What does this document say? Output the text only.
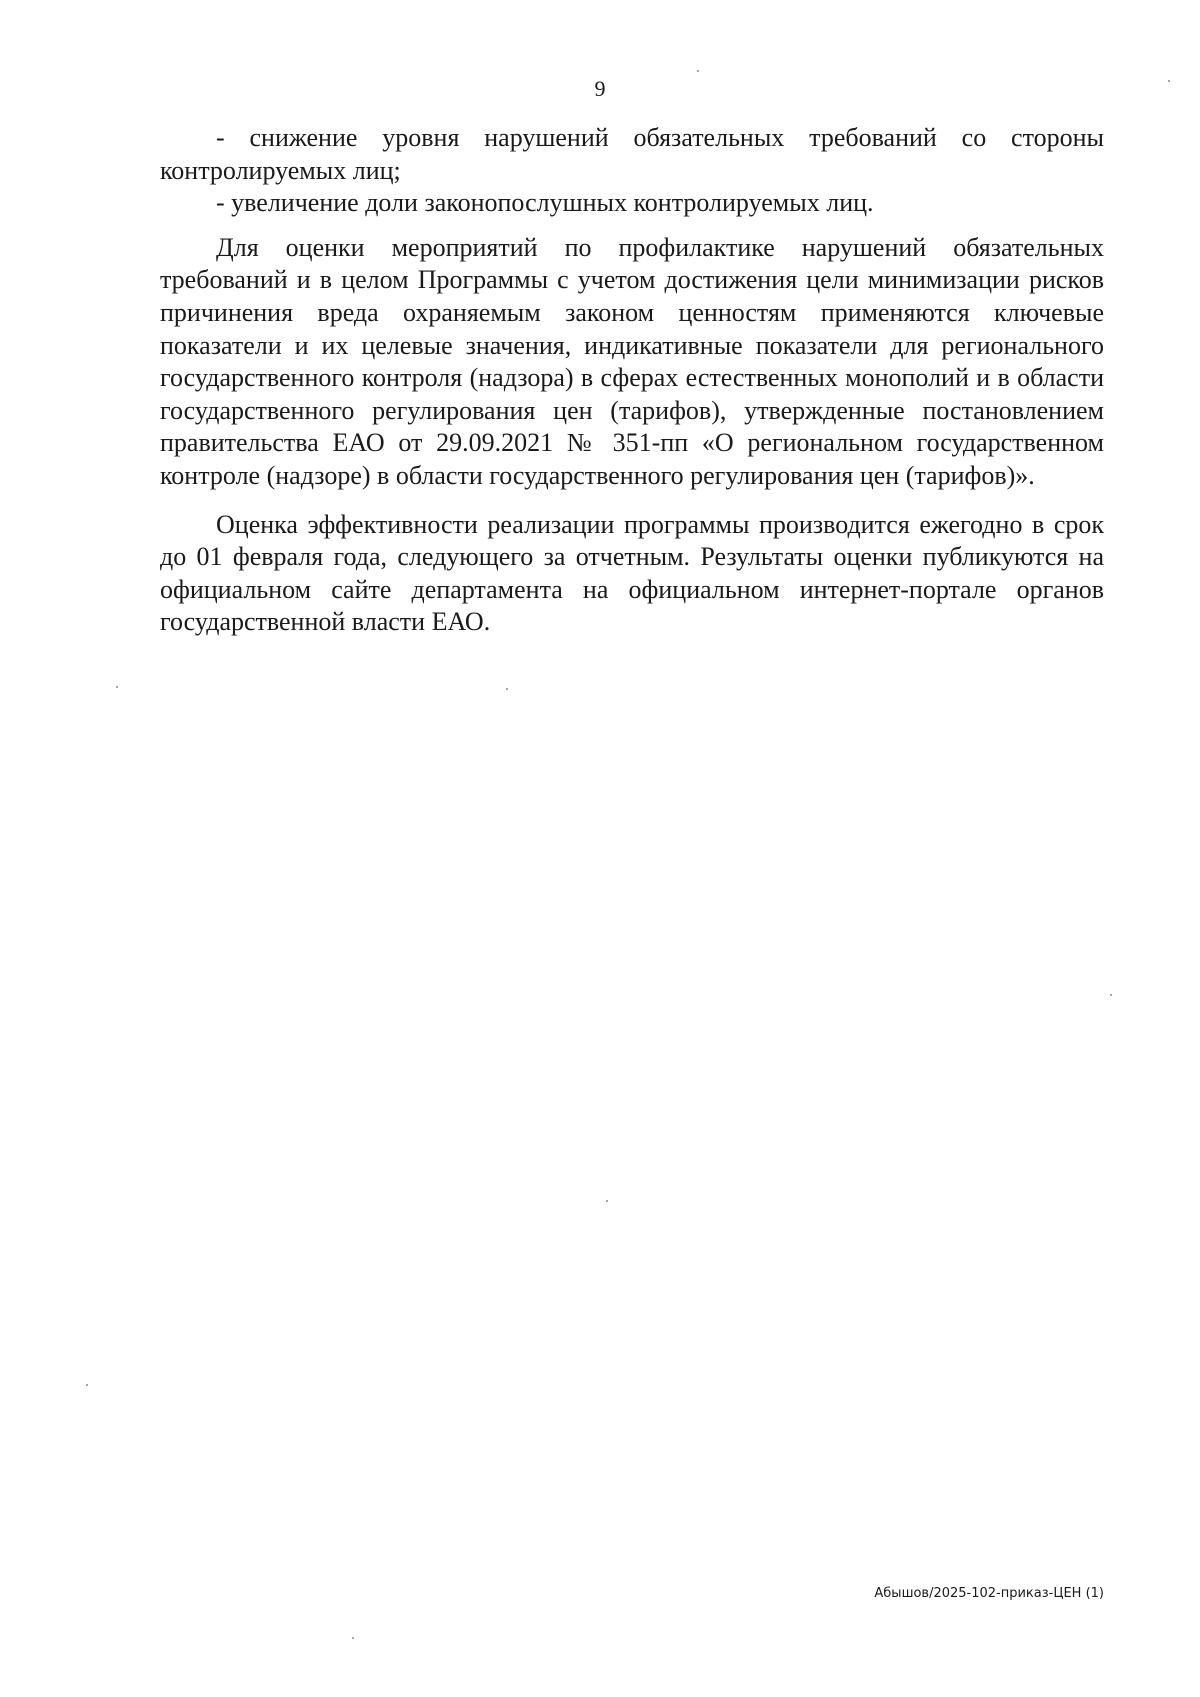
9

- снижение уровня нарушений обязательных требований со стороны контролируемых лиц;

- увеличение доли законопослушных контролируемых лиц.

Для оценки мероприятий по профилактике нарушений обязательных требований и в целом Программы с учетом достижения цели минимизации рисков причинения вреда охраняемым законом ценностям применяются ключевые показатели и их целевые значения, индикативные показатели для регионального государственного контроля (надзора) в сферах естественных монополий и в области государственного регулирования цен (тарифов), утвержденные постановлением правительства ЕАО от 29.09.2021 № 351-пп «О региональном государственном контроле (надзоре) в области государственного регулирования цен (тарифов)».

Оценка эффективности реализации программы производится ежегодно в срок до 01 февраля года, следующего за отчетным. Результаты оценки публикуются на официальном сайте департамента на официальном интернет-портале органов государственной власти ЕАО.

Абышов/2025-102-приказ-ЦЕН (1)
